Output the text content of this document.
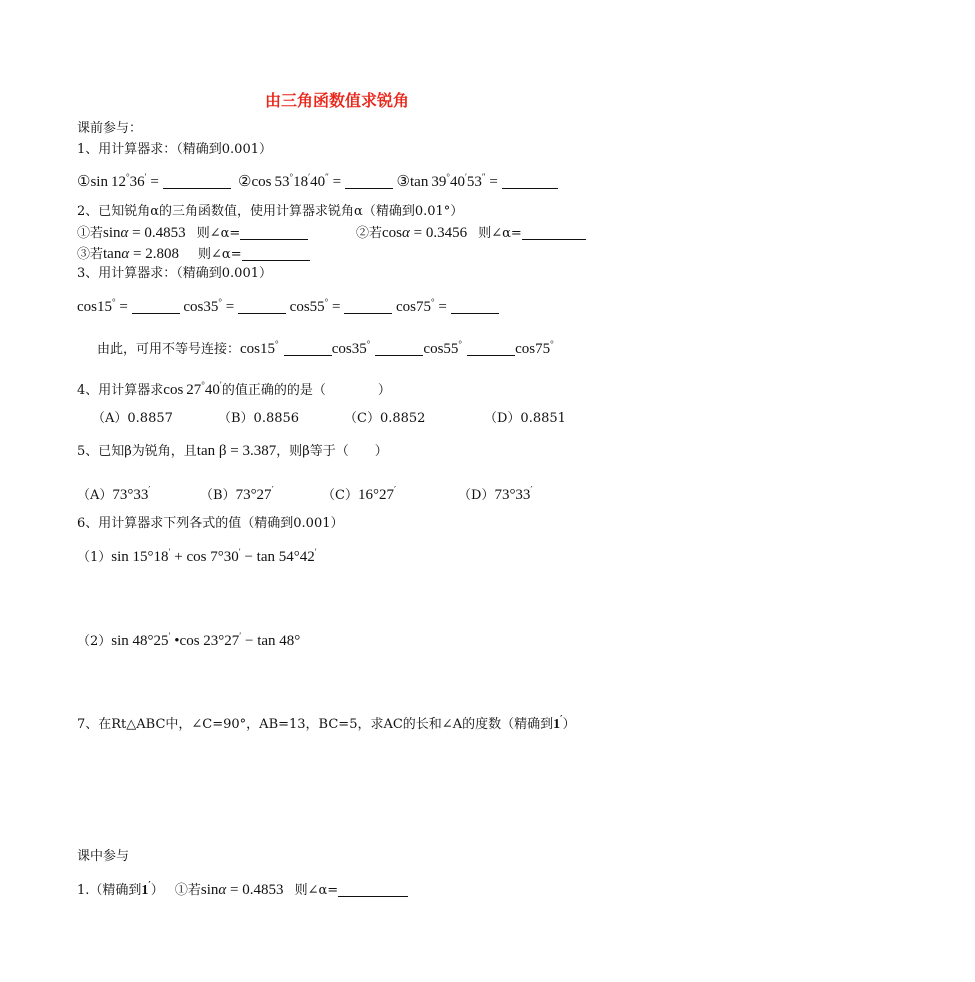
由三角函数值求锐角
课前参与：
1、用计算器求：（精确到0.001）
①sin  12°36′ =	②cos  53°18′40″ =	③tan  39°40′53″ =
2、已知锐角α的三角函数值，使用计算器求锐角α（精确到0.01°）
①若sinα = 0.4853 则∠α=	②若cosα = 0.3456 则∠α=
③若tanα = 2.808 则∠α=
3、用计算器求：（精确到0.001）
cos15° =	cos35° =	cos55° =	cos75° =
由此，可用不等号连接：cos15°	cos35°	cos55°	cos75°
4、用计算器求cos  27°40′的值正确的的是（　　　　）
（A）0.8857	（B）0.8856	（C）0.8852	（D）0.8851
5、已知β为锐角，且tan β = 3.387，则β等于（　　）
（A）73°33′	（B）73°27′	（C）16°27′	（D）73°33′
6、用计算器求下列各式的值（精确到0.001）
（1）sin 15°18′ + cos 7°30′ − tan 54°42′
（2）sin 48°25′ •cos 23°27′ − tan 48°
7、在Rt△ABC中，∠C=90°，AB=13，BC=5，求AC的长和∠A的度数（精确到1′）
课中参与
1.（精确到1′） ①若sinα = 0.4853 则∠α=
